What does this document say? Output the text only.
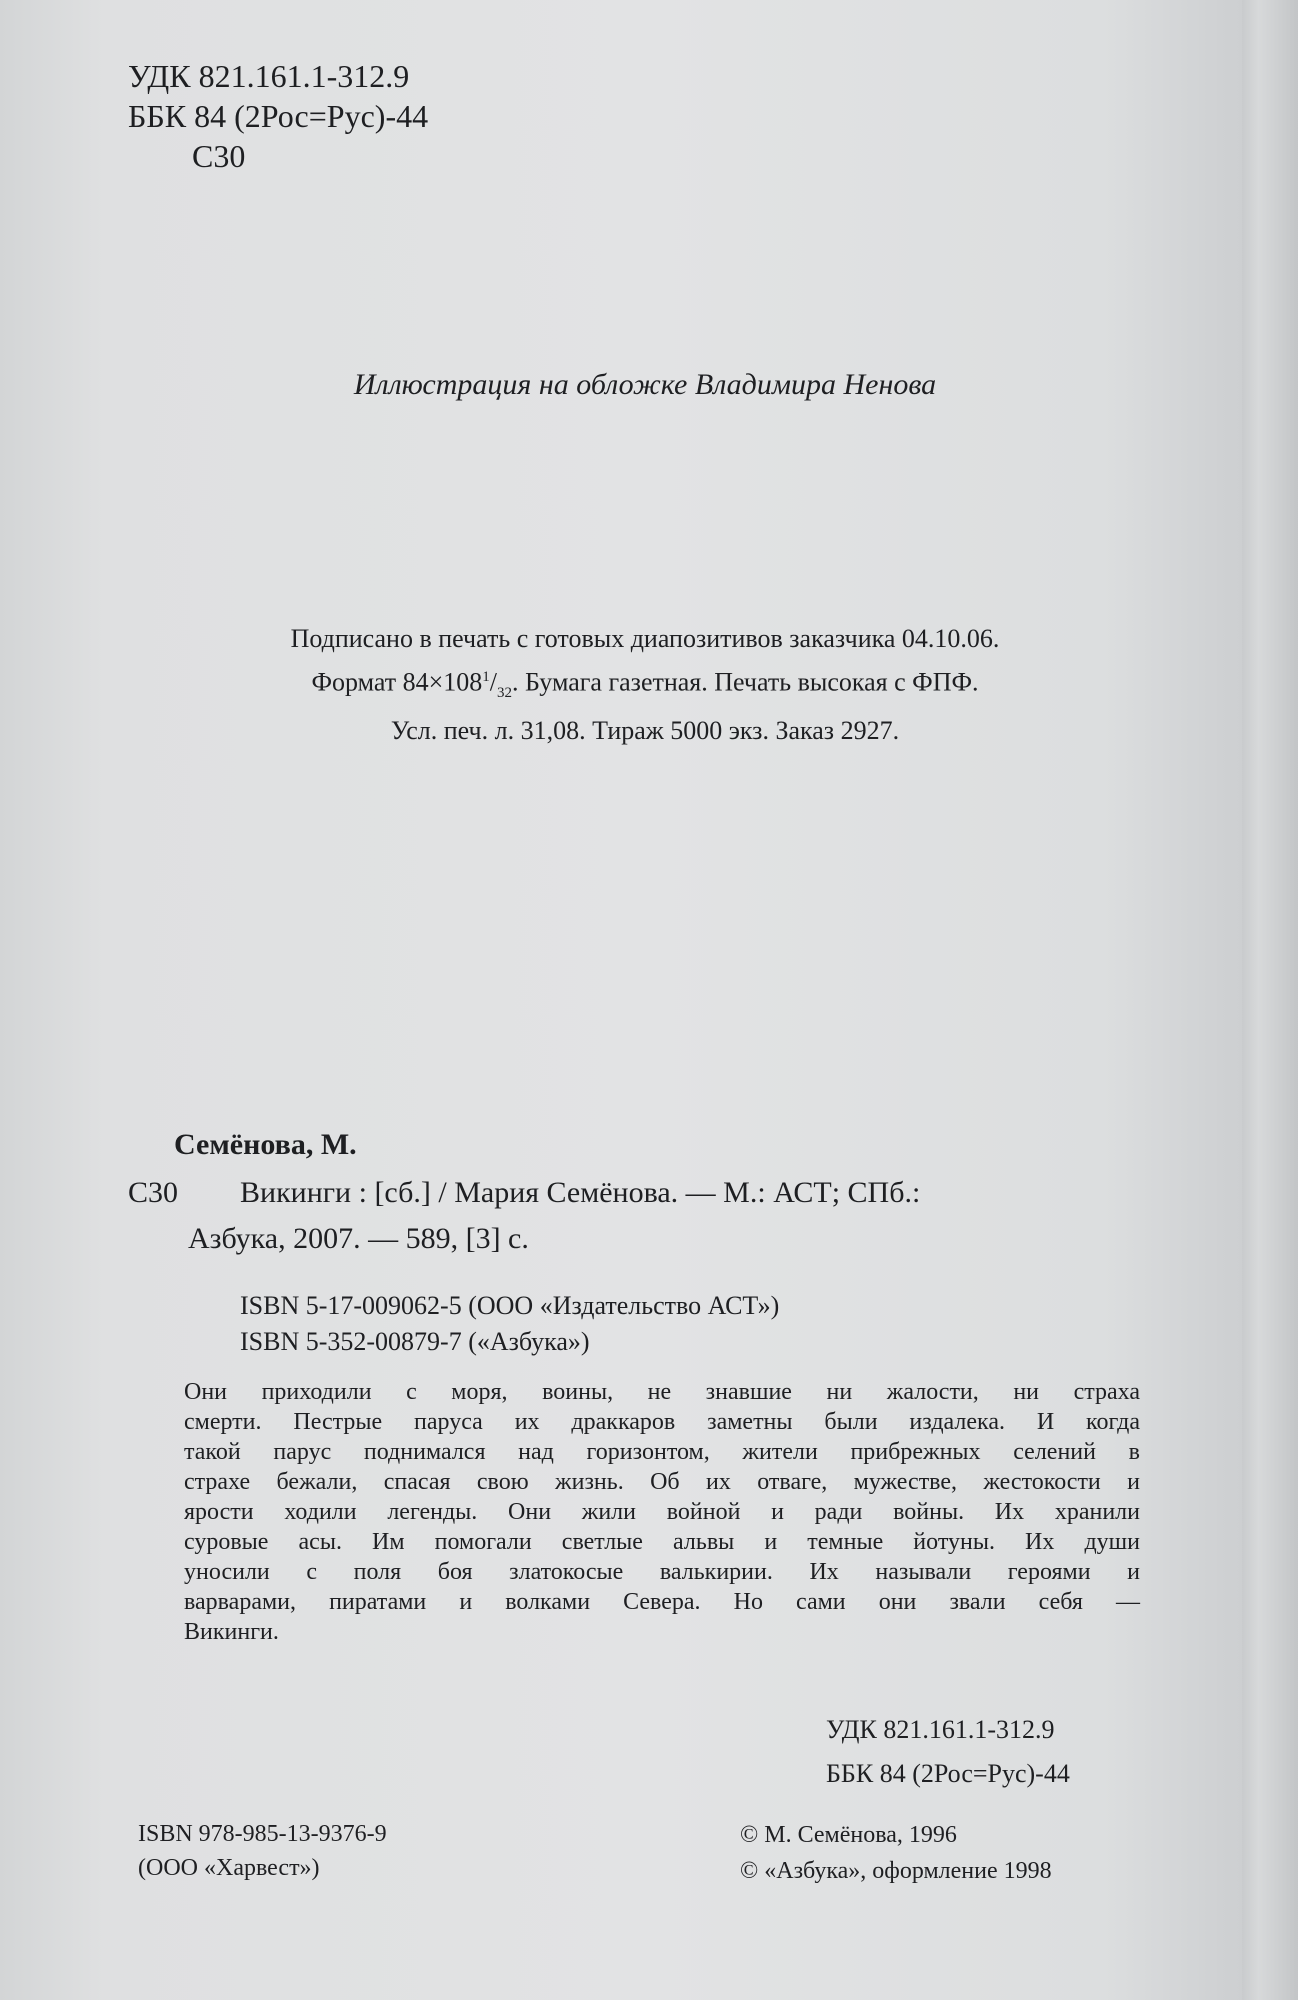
УДК 821.161.1-312.9
ББК 84 (2Рос=Рус)-44
С30
Иллюстрация на обложке Владимира Ненова
Подписано в печать с готовых диапозитивов заказчика 04.10.06.
Формат $84\times 108^1/_{32}$. Бумага газетная. Печать высокая с ФПФ.
Усл. печ. л. 31,08. Тираж 5000 экз. Заказ 2927.
Семёнова, М.
С30 Викинги : [сб.] / Мария Семёнова. — М.: АСТ; СПб.:
Азбука, 2007. — 589, [3] с.
ISBN 5-17-009062-5 (ООО «Издательство АСТ»)
ISBN 5-352-00879-7 («Азбука»)
Они приходили с моря, воины, не знавшие ни жалости, ни страха
смерти. Пестрые паруса их драккаров заметны были издалека. И когда
такой парус поднимался над горизонтом, жители прибрежных селений в
страхе бежали, спасая свою жизнь. Об их отваге, мужестве, жестокости и
ярости ходили легенды. Они жили войной и ради войны. Их хранили
суровые асы. Им помогали светлые альвы и темные йотуны. Их души
уносили с поля боя златокосые валькирии. Их называли героями и
варварами, пиратами и волками Севера. Но сами они звали себя —
Викинги.
УДК 821.161.1-312.9
ББК 84 (2Рос=Рус)-44
ISBN 978-985-13-9376-9
(ООО «Харвест»)
© М. Семёнова, 1996
© «Азбука», оформление 1998
